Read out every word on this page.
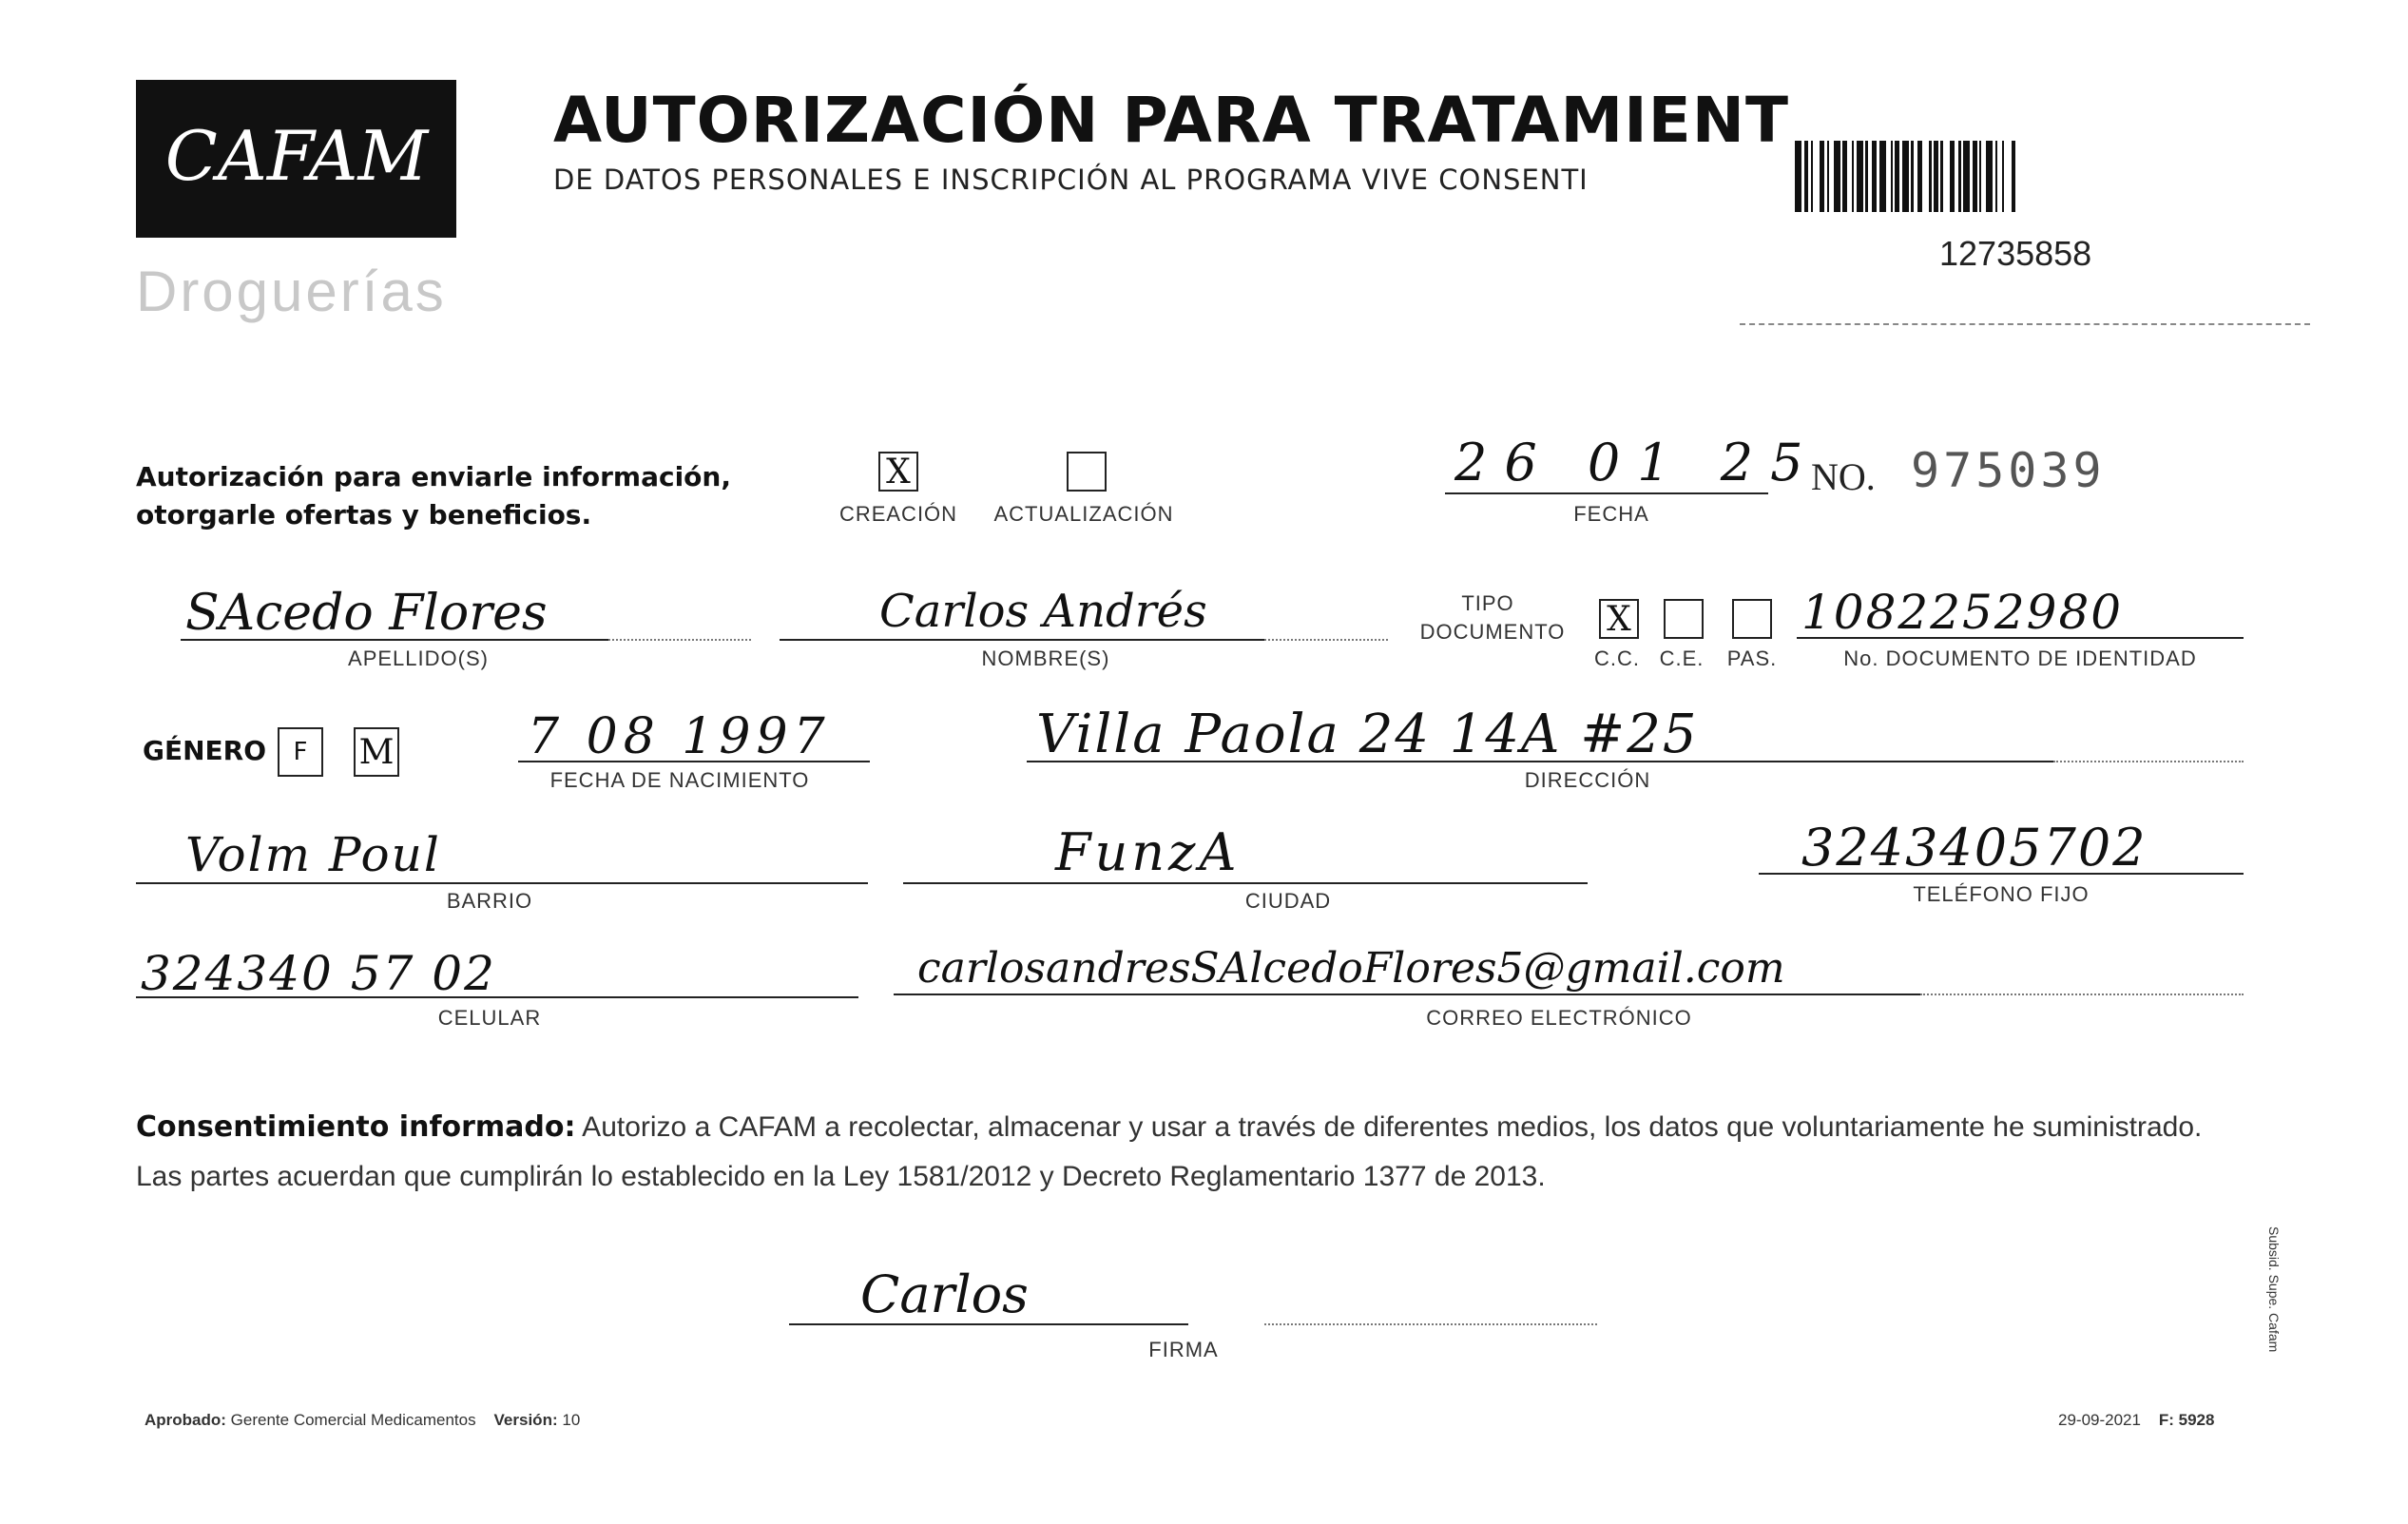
CAFAM
Droguerías
AUTORIZACIÓN PARA TRATAMIENT
DE DATOS PERSONALES E INSCRIPCIÓN AL PROGRAMA VIVE CONSENTI
12735858
Autorización para enviarle información,
otorgarle ofertas y beneficios.
X
CREACIÓN	ACTUALIZACIÓN
26 01 25
FECHA
NO. 975039
SAcedo Flores
APELLIDO(S)
Carlos Andrés
NOMBRE(S)
TIPO
DOCUMENTO X
C.C. C.E.	PAS.
1082252980
No. DOCUMENTO DE IDENTIDAD
GÉNERO	F	M	7 08 1997
FECHA DE NACIMIENTO
Villa Paola 24 14A #25
DIRECCIÓN
Volm Poul
BARRIO
FunzA
CIUDAD
3243405702
TELÉFONO FIJO
324340 57 02
CELULAR
carlosandresSAlcedoFlores5@gmail.com
CORREO ELECTRÓNICO
Consentimiento informado: Autorizo a CAFAM a recolectar, almacenar y usar a través de diferentes medios, los datos que voluntariamente he suministrado.
Las partes acuerdan que cumplirán lo establecido en la Ley 1581/2012 y Decreto Reglamentario 1377 de 2013.
Carlos
FIRMA
Aprobado: Gerente Comercial Medicamentos Versión: 10	29-09-2021 F: 5928
Subsid. Supe. Cafam
